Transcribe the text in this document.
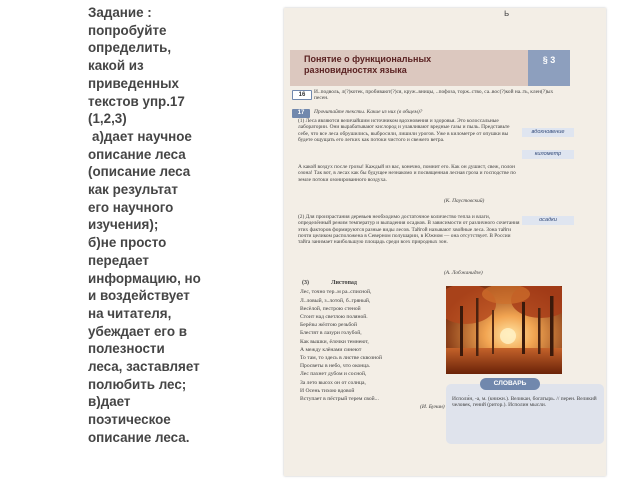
Задание :

попробуйте

определить,

какой из

приведенных

текстов упр.17

(1,2,3)

а)дает научное

описание леса

(описание леса

как результат

его научного

изучения);

б)не просто

передает

информацию, но

и воздействует

на читателя,

убеждает его в

полезности

леса, заставляет

полюбить лес;

в)дает

поэтическое

описание леса.

ь
Понятие о функциональных разновидностях языка
§ 3
16	И..подволь, л(?)котек, пробивают(?)ся, круж..вницы, ..пофоза, торж..ство, са..вос(?)кой на..ть, клен(?)ых песен.
17	Прочитайте тексты. Какие из них (в общем)?
(1) Леса являются величайшим источником вдохновения и здоровья. Это колоссальные лаборатории. Они вырабатывают кислород и улавливают вредные газы и пыль. Представьте себе, что все леса обрушились, выбросили, лишили урогов. Уже в километре от опушки вы будете ощущать его легких как потоки чистого и свежего ветра.
А какой воздух после грозы! Каждый из вас, конечно, помнит его. Как он душист, свеж, полон озона! Так вот, в лесах как бы будущее незнакомо и посвященная лесная гроза и господстве по земле потоки озонированного воздуха.
(К. Паустовский)
(2) Для произрастания деревьев необходимо достаточное количество тепла и влаги, определённый режим температур и выпадения осадков. В зависимости от различного сочетания этих факторов формируются разные виды лесов. Тайгой называют хвойные леса. Зона тайги почти целиком расположена в Северном полушарии, в Южном — она отсутствует. В России тайга занимает наибольшую площадь среди всех природных зон.
(А. Лобжанидзе)
вдохновение
километр
осадки
(3)	Листопад
Лес, точно тер..м ра..списной,
Л..ловый, з..лотой, б..гряный,
Весёлой, пестрою стеной
Стоит над светлою поляной.
Берёзы жёлтою резьбой
Блестят в лазури голубой,
Как вышки, ёлочки темнеют,
А между клёнами синеют
То там, то здесь в листве сквозной
Просветы в небо, что оконца.
Лес пахнет дубом и сосной,
За лето высох он от солнца,
И Осень тихою вдовой
Вступает в пёстрый терем свой...
(И. Бунин)
СЛОВАРЬ
Исполи́н, -а, м. (книжн.). Великан, богатырь. // перен. Великий человек, гений (ритор.). Исполин мысли.
